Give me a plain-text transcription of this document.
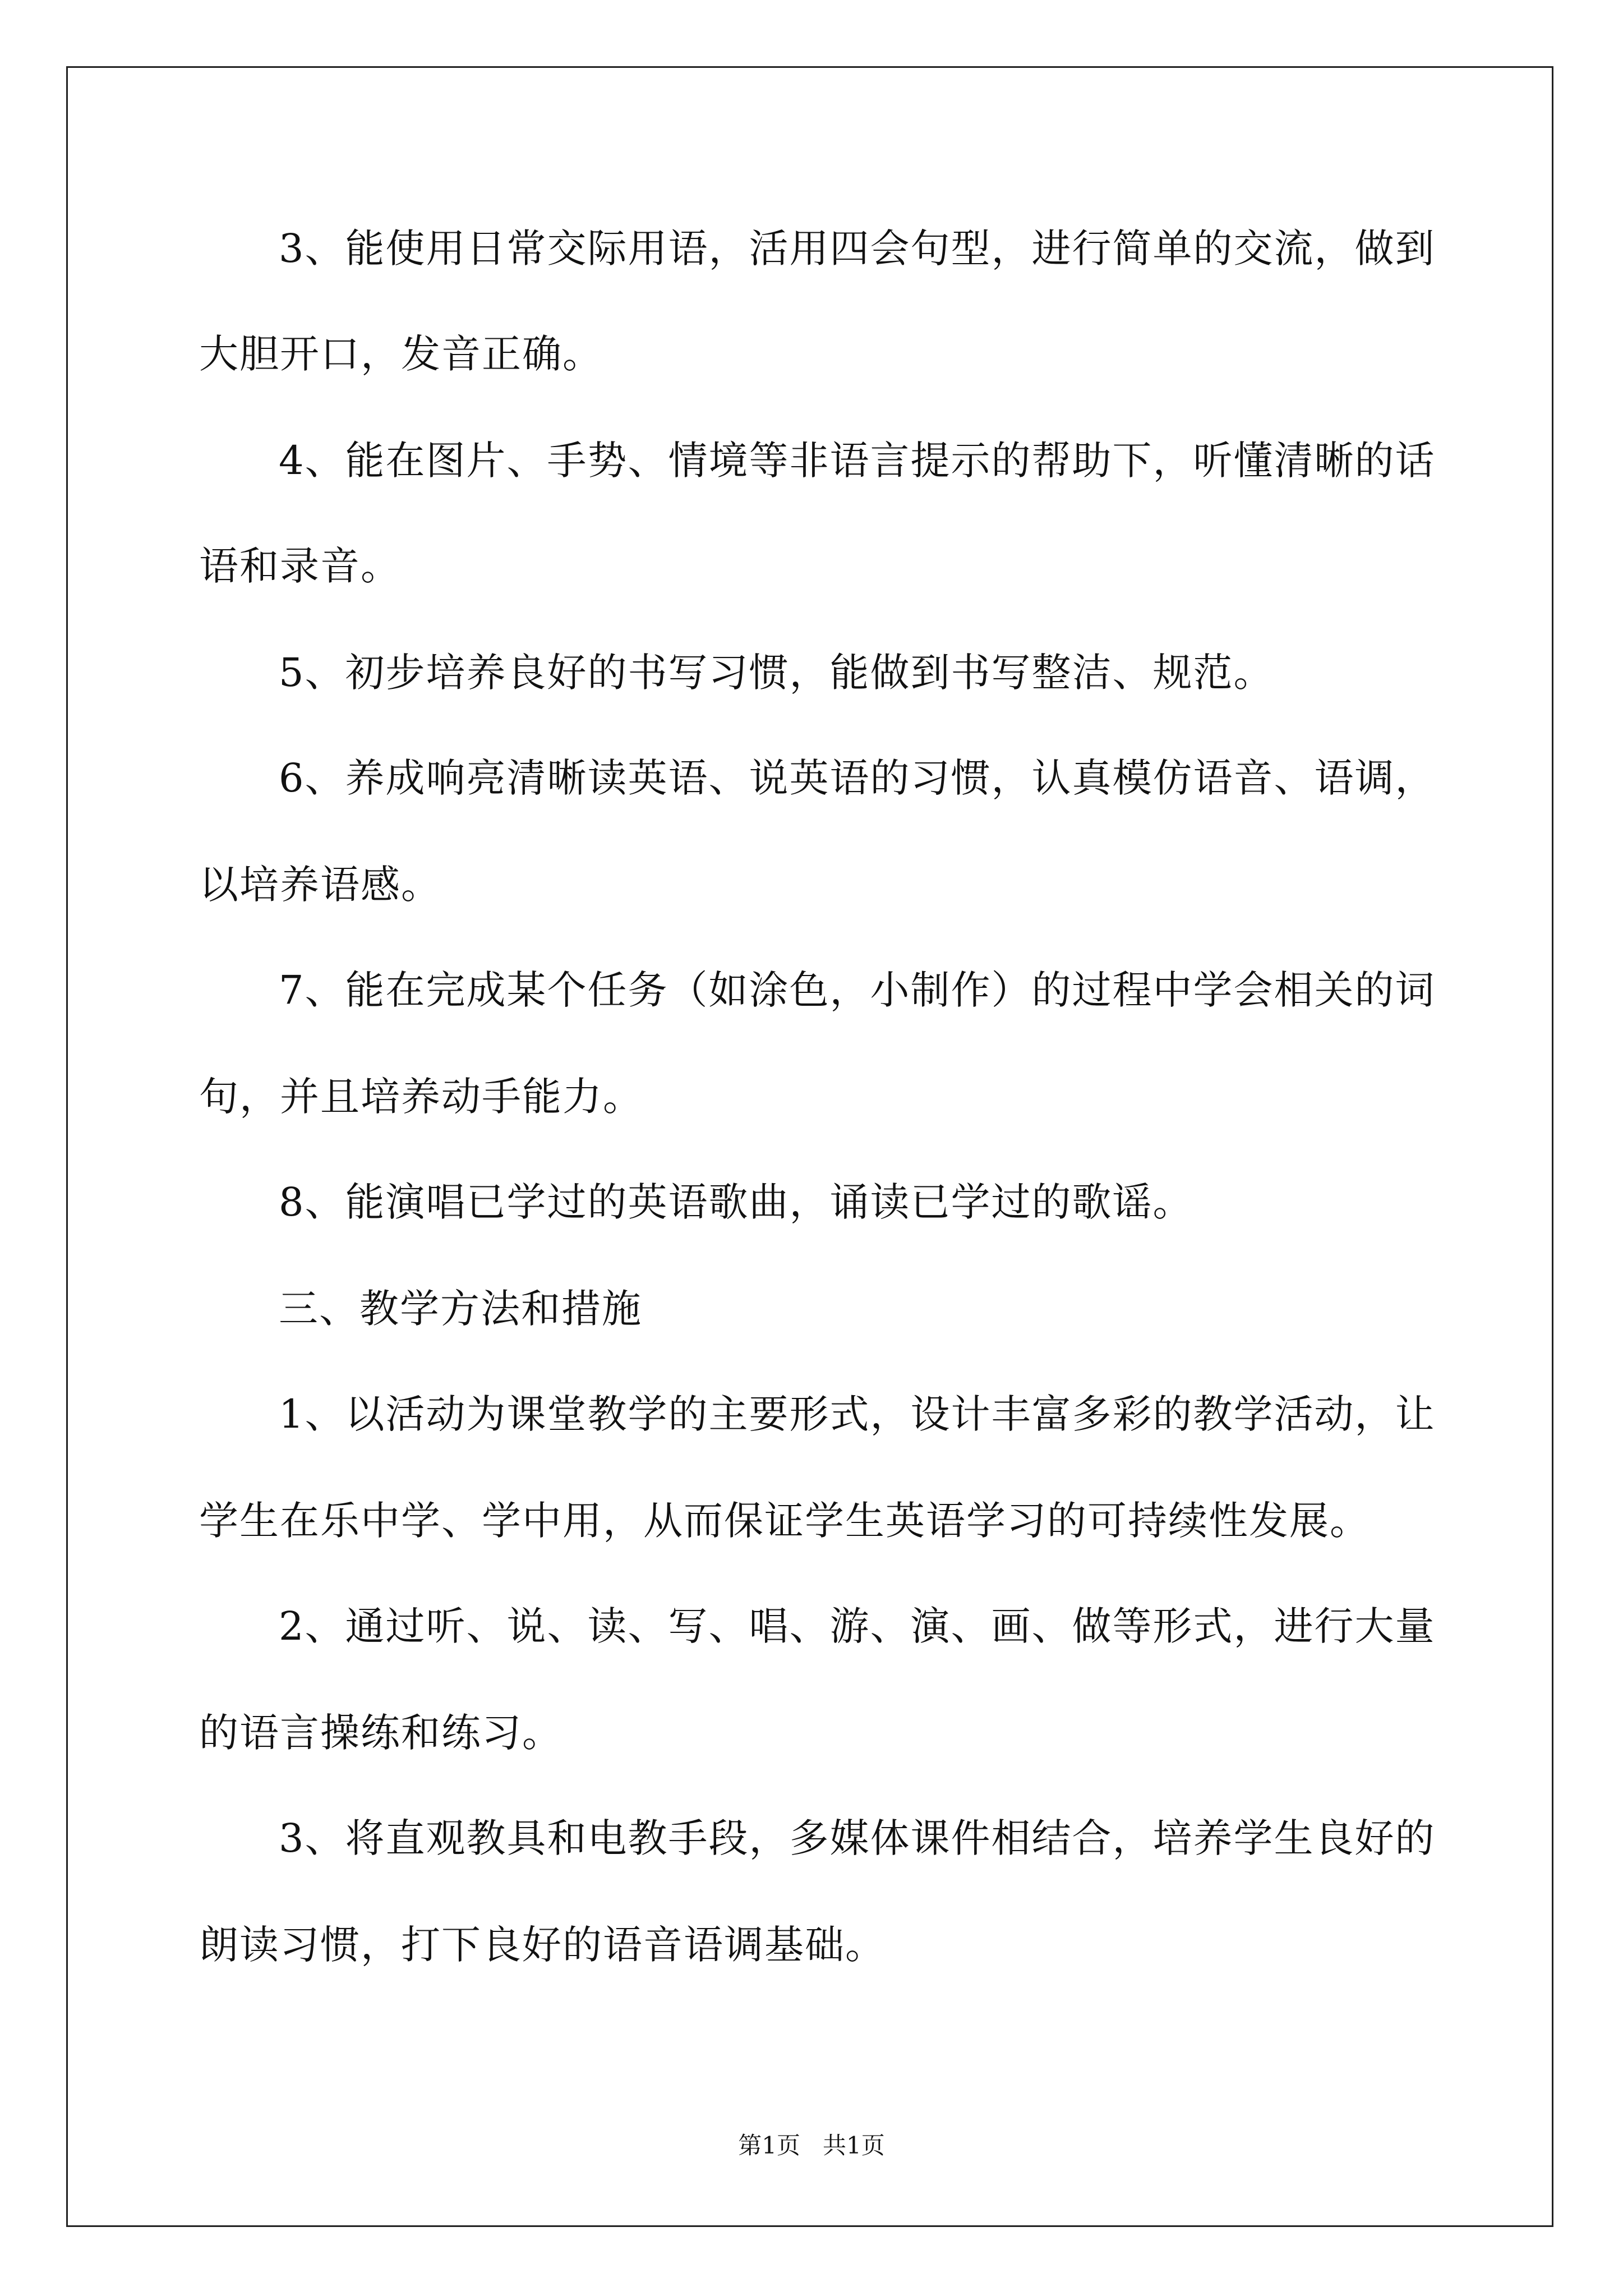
3、能使用日常交际用语，活用四会句型，进行简单的交流，做到
大胆开口，发音正确。
4、能在图片、手势、情境等非语言提示的帮助下，听懂清晰的话
语和录音。
5、初步培养良好的书写习惯，能做到书写整洁、规范。
6、养成响亮清晰读英语、说英语的习惯，认真模仿语音、语调，
以培养语感。
7、能在完成某个任务（如涂色，小制作）的过程中学会相关的词
句，并且培养动手能力。
8、能演唱已学过的英语歌曲，诵读已学过的歌谣。
三、教学方法和措施
1、以活动为课堂教学的主要形式，设计丰富多彩的教学活动，让
学生在乐中学、学中用，从而保证学生英语学习的可持续性发展。
2、通过听、说、读、写、唱、游、演、画、做等形式，进行大量
的语言操练和练习。
3、将直观教具和电教手段，多媒体课件相结合，培养学生良好的
朗读习惯，打下良好的语音语调基础。
第1页   共1页
